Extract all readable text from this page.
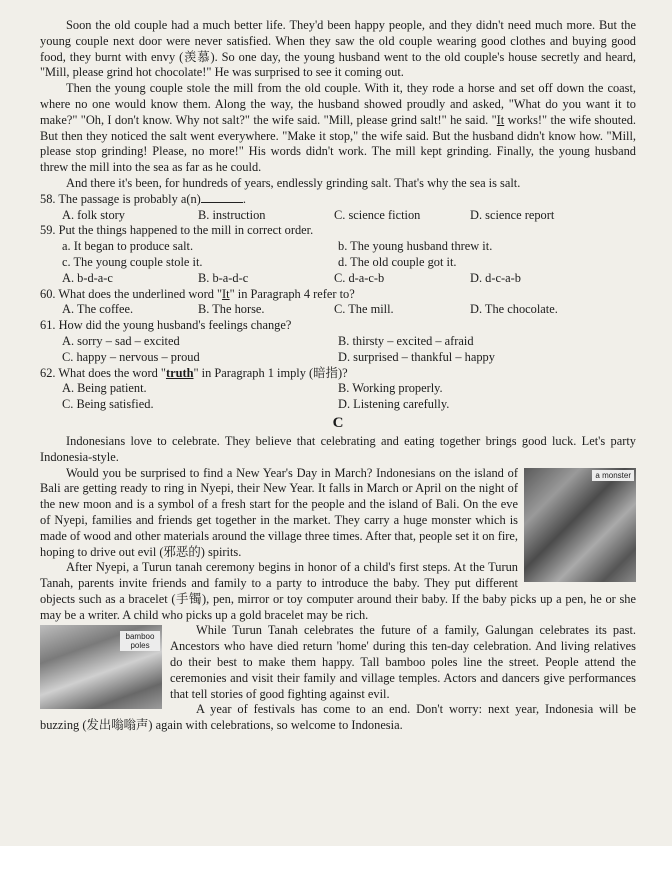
Soon the old couple had a much better life. They'd been happy people, and they didn't need much more. But the young couple next door were never satisfied. When they saw the old couple wearing good clothes and buying good food, they burnt with envy (羡慕). So one day, the young husband went to the old couple's house secretly and heard, "Mill, please grind hot chocolate!" He was surprised to see it coming out.

Then the young couple stole the mill from the old couple. With it, they rode a horse and set off down the coast, where no one would know them. Along the way, the husband showed proudly and asked, "What do you want it to make?" "Oh, I don't know. Why not salt?" the wife said. "Mill, please grind salt!" he said. "It works!" the wife shouted. But then they noticed the salt went everywhere. "Make it stop," the wife said. But the husband didn't know how. "Mill, please stop grinding! Please, no more!" His words didn't work. The mill kept grinding. Finally, the young husband threw the mill into the sea as far as he could.

And there it's been, for hundreds of years, endlessly grinding salt. That's why the sea is salt.

58. The passage is probably a(n)	.
A. folk story	B. instruction	C. science fiction	D. science report
59. Put the things happened to the mill in correct order.
a. It began to produce salt.	b. The young husband threw it.
c. The young couple stole it.	d. The old couple got it.
A. b-d-a-c	B. b-a-d-c	C. d-a-c-b	D. d-c-a-b
60. What does the underlined word "It" in Paragraph 4 refer to?
A. The coffee.	B. The horse.	C. The mill.	D. The chocolate.
61. How did the young husband's feelings change?
A. sorry – sad – excited	B. thirsty – excited – afraid
C. happy – nervous – proud	D. surprised – thankful – happy
62. What does the word "truth" in Paragraph 1 imply (暗指)?
A. Being patient.	B. Working properly.
C. Being satisfied.	D. Listening carefully.
C

Indonesians love to celebrate. They believe that celebrating and eating together brings good luck. Let's party Indonesia-style.

a monster

Would you be surprised to find a New Year's Day in March? Indonesians on the island of Bali are getting ready to ring in Nyepi, their New Year. It falls in March or April on the night of the new moon and is a symbol of a fresh start for the people and the island of Bali. On the eve of Nyepi, families and friends get together in the market. They carry a huge monster which is made of wood and other materials around the village three times. After that, people set it on fire, hoping to drive out evil (邪恶的) spirits.

After Nyepi, a Turun tanah ceremony begins in honor of a child's first steps. At the Turun Tanah, parents invite friends and family to a party to introduce the baby. They put different objects such as a bracelet (手镯), pen, mirror or toy computer around their baby. If the baby picks up a pen, he or she may be a writer. A child who picks up a gold bracelet may be rich.

bamboo poles

While Turun Tanah celebrates the future of a family, Galungan celebrates its past. Ancestors who have died return 'home' during this ten-day celebration. And living relatives do their best to make them happy. Tall bamboo poles line the street. People attend the ceremonies and visit their family and village temples. Actors and dancers give performances that tell stories of good fighting against evil.

A year of festivals has come to an end. Don't worry: next year, Indonesia will be buzzing (发出嗡嗡声) again with celebrations, so welcome to Indonesia.
